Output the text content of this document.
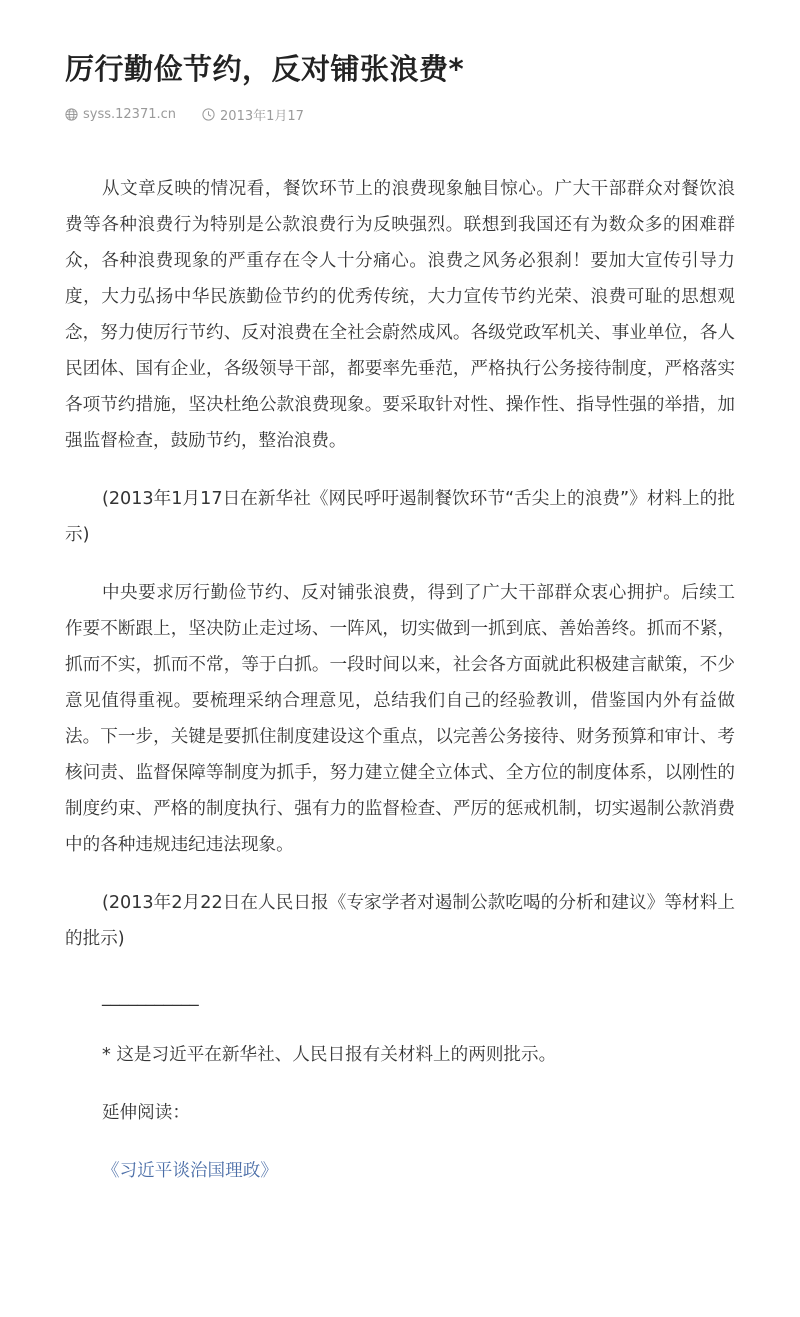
厉行勤俭节约，反对铺张浪费*
syss.12371.cn	2013年1月17

从文章反映的情况看，餐饮环节上的浪费现象触目惊心。广大干部群众对餐饮浪费等各种浪费行为特别是公款浪费行为反映强烈。联想到我国还有为数众多的困难群众，各种浪费现象的严重存在令人十分痛心。浪费之风务必狠刹！要加大宣传引导力度，大力弘扬中华民族勤俭节约的优秀传统，大力宣传节约光荣、浪费可耻的思想观念，努力使厉行节约、反对浪费在全社会蔚然成风。各级党政军机关、事业单位，各人民团体、国有企业，各级领导干部，都要率先垂范，严格执行公务接待制度，严格落实各项节约措施，坚决杜绝公款浪费现象。要采取针对性、操作性、指导性强的举措，加强监督检查，鼓励节约，整治浪费。

(2013年1月17日在新华社《网民呼吁遏制餐饮环节“舌尖上的浪费”》材料上的批示)

中央要求厉行勤俭节约、反对铺张浪费，得到了广大干部群众衷心拥护。后续工作要不断跟上，坚决防止走过场、一阵风，切实做到一抓到底、善始善终。抓而不紧，抓而不实，抓而不常，等于白抓。一段时间以来，社会各方面就此积极建言献策，不少意见值得重视。要梳理采纳合理意见，总结我们自己的经验教训，借鉴国内外有益做法。下一步，关键是要抓住制度建设这个重点，以完善公务接待、财务预算和审计、考核问责、监督保障等制度为抓手，努力建立健全立体式、全方位的制度体系，以刚性的制度约束、严格的制度执行、强有力的监督检查、严厉的惩戒机制，切实遏制公款消费中的各种违规违纪违法现象。

(2013年2月22日在人民日报《专家学者对遏制公款吃喝的分析和建议》等材料上的批示)

___________

* 这是习近平在新华社、人民日报有关材料上的两则批示。

延伸阅读：

《习近平谈治国理政》
